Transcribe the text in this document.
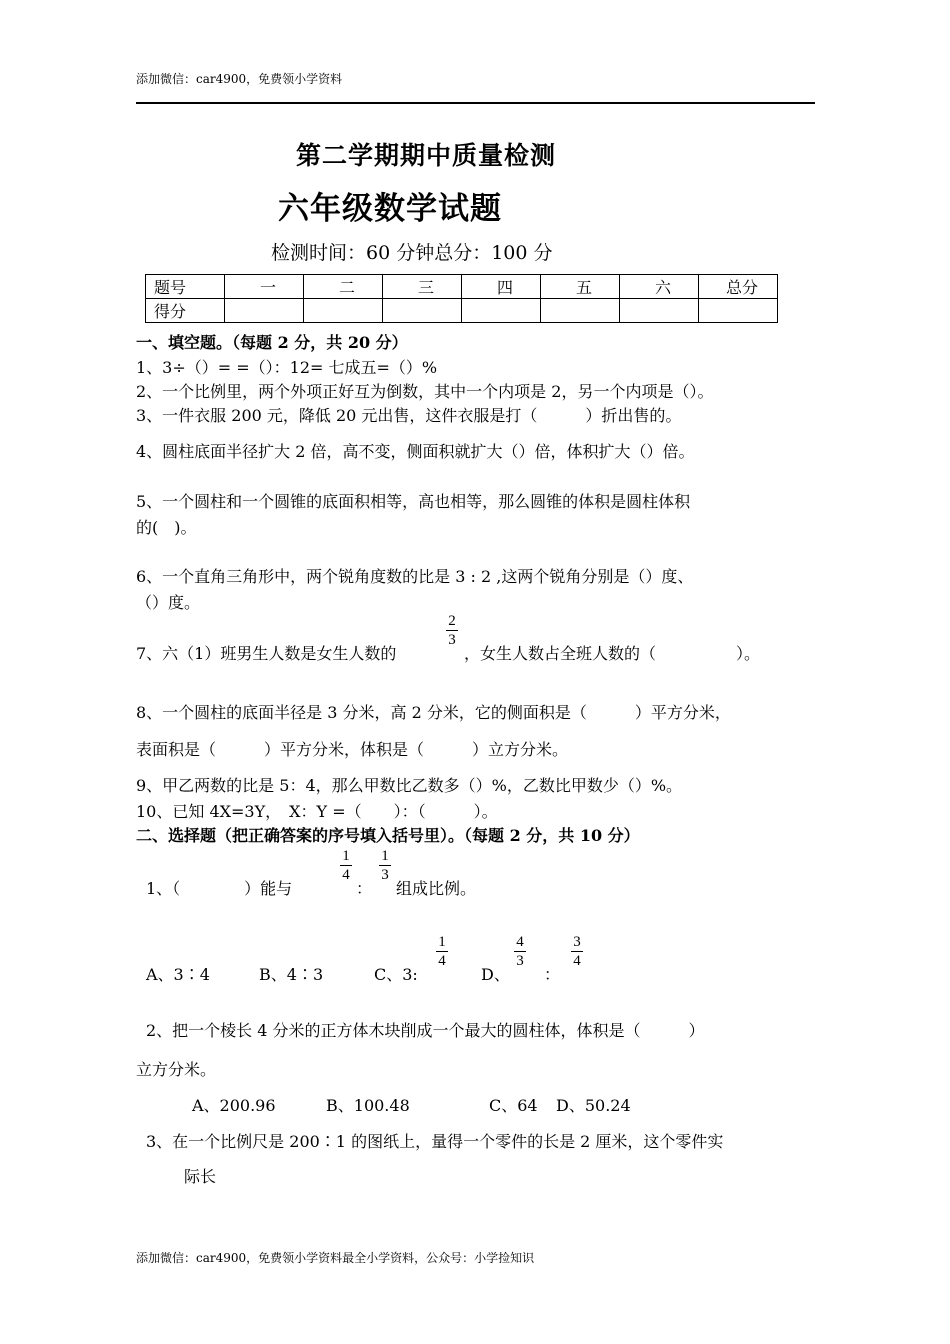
添加微信：car4900，免费领小学资料
第二学期期中质量检测
六年级数学试题
检测时间：60 分钟总分：100 分
题号	一	二	三	四	五	六	总分
得分							
一、填空题。（每题 2 分，共 20 分）
1、3÷（）= =（）：12= 七成五=（）%
2、一个比例里，两个外项正好互为倒数，其中一个内项是 2，另一个内项是（）。
3、一件衣服 200 元，降低 20 元出售，这件衣服是打（　　　）折出售的。
4、圆柱底面半径扩大 2 倍，高不变，侧面积就扩大（）倍，体积扩大（）倍。
5、一个圆柱和一个圆锥的底面积相等，高也相等，那么圆锥的体积是圆柱体积
的(　)。
6、一个直角三角形中，两个锐角度数的比是 3 : 2 ,这两个锐角分别是（）度、
（）度。
7、六（1）班男生人数是女生人数的
2
3
，女生人数占全班人数的（　　　　　）。
8、一个圆柱的底面半径是 3 分米，高 2 分米，它的侧面积是（　　　）平方分米，
表面积是（　　　）平方分米，体积是（　　　）立方分米。
9、甲乙两数的比是 5：4，那么甲数比乙数多（）%，乙数比甲数少（）%。
10、已知 4X=3Y，　X：Y =（　　）：（　　　）。
二、选择题（把正确答案的序号填入括号里）。（每题 2 分，共 10 分）
1、（　　　　）能与
1
4
：
1
3
组成比例。
A、3∶4	B、4∶3	C、3:
1
4
D、
4
3
：
3
4
2、把一个棱长 4 分米的正方体木块削成一个最大的圆柱体，体积是（　　　）
立方分米。
A、200.96	B、100.48	C、64 D、50.24
3、在一个比例尺是 200∶1 的图纸上，量得一个零件的长是 2 厘米，这个零件实
际长
添加微信：car4900，免费领小学资料最全小学资料，公众号：小学捡知识
